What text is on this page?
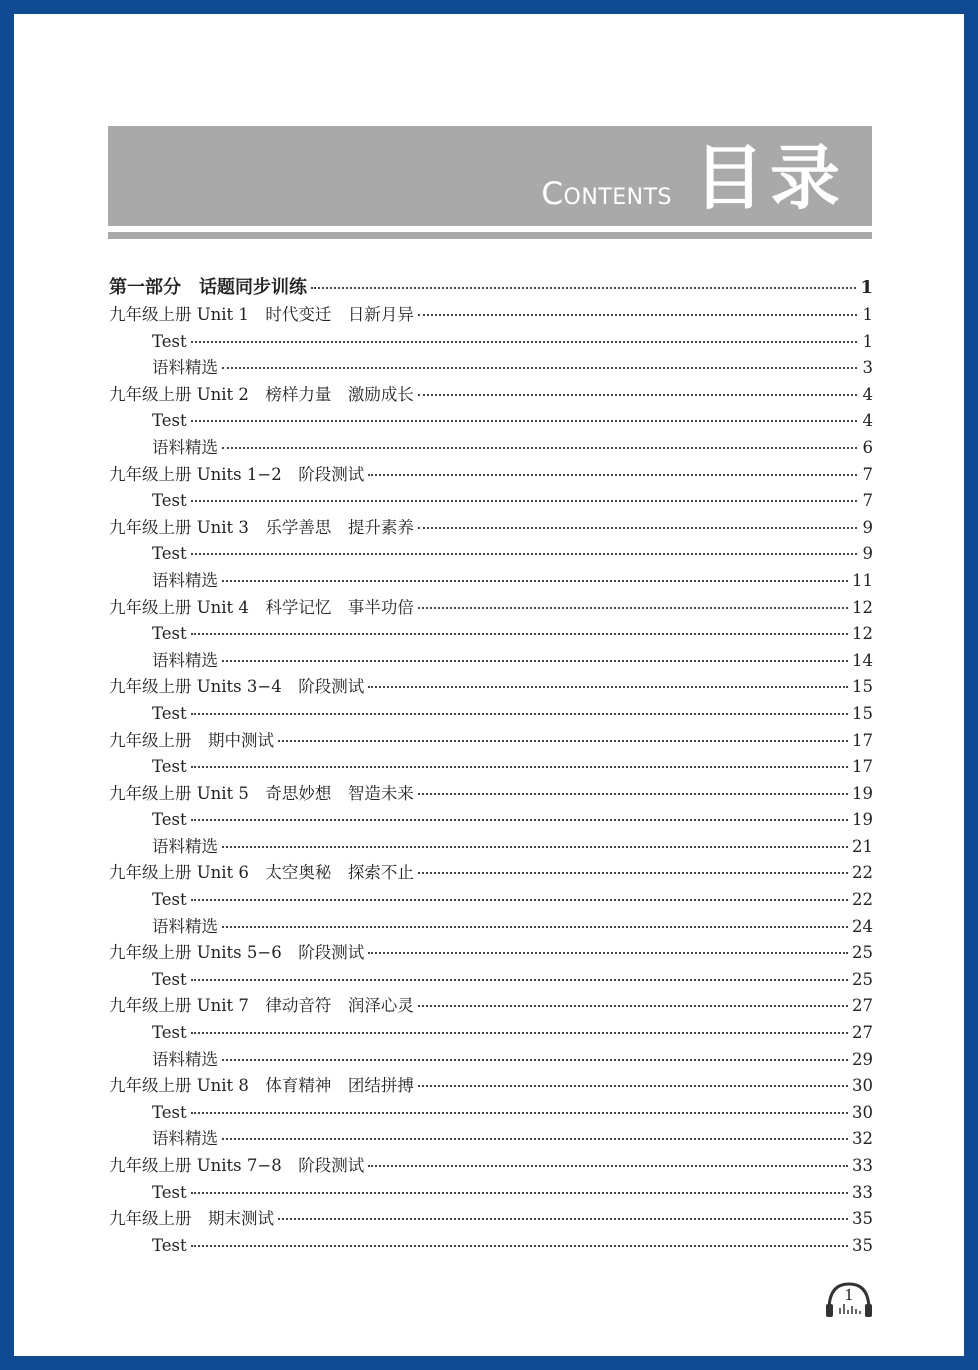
Contents 目录
第一部分　话题同步训练	1
九年级上册 Unit 1　时代变迁　日新月异	1
Test	1
语料精选	3
九年级上册 Unit 2　榜样力量　激励成长	4
Test	4
语料精选	6
九年级上册 Units 1−2　阶段测试	7
Test	7
九年级上册 Unit 3　乐学善思　提升素养	9
Test	9
语料精选	11
九年级上册 Unit 4　科学记忆　事半功倍	12
Test	12
语料精选	14
九年级上册 Units 3−4　阶段测试	15
Test	15
九年级上册　期中测试	17
Test	17
九年级上册 Unit 5　奇思妙想　智造未来	19
Test	19
语料精选	21
九年级上册 Unit 6　太空奥秘　探索不止	22
Test	22
语料精选	24
九年级上册 Units 5−6　阶段测试	25
Test	25
九年级上册 Unit 7　律动音符　润泽心灵	27
Test	27
语料精选	29
九年级上册 Unit 8　体育精神　团结拼搏	30
Test	30
语料精选	32
九年级上册 Units 7−8　阶段测试	33
Test	33
九年级上册　期末测试	35
Test	35
1
